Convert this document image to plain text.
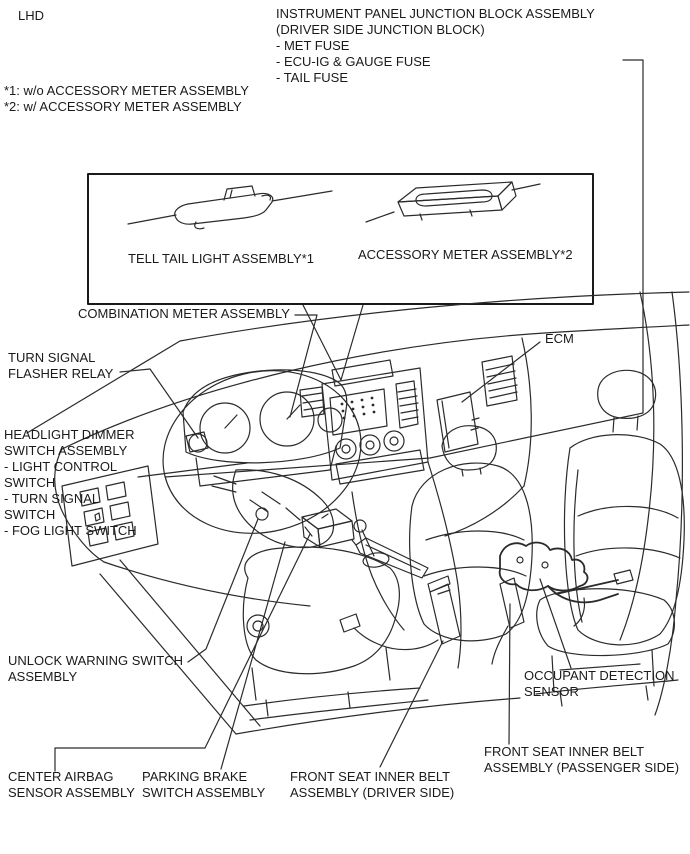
LHD
*1: w/o ACCESSORY METER ASSEMBLY
*2: w/ ACCESSORY METER ASSEMBLY
INSTRUMENT PANEL JUNCTION BLOCK ASSEMBLY
(DRIVER SIDE JUNCTION BLOCK)
- MET FUSE
- ECU-IG & GAUGE FUSE
- TAIL FUSE
TELL TAIL LIGHT ASSEMBLY*1	ACCESSORY METER ASSEMBLY*2
COMBINATION METER ASSEMBLY
TURN SIGNAL
FLASHER RELAY
ECM
HEADLIGHT DIMMER
SWITCH ASSEMBLY
- LIGHT CONTROL
SWITCH
- TURN SIGNAL
SWITCH
- FOG LIGHT SWITCH
UNLOCK WARNING SWITCH
ASSEMBLY	OCCUPANT DETECTION
SENSOR
CENTER AIRBAG
SENSOR ASSEMBLY
PARKING BRAKE
SWITCH ASSEMBLY
FRONT SEAT INNER BELT
ASSEMBLY (DRIVER SIDE)
FRONT SEAT INNER BELT
ASSEMBLY (PASSENGER SIDE)
